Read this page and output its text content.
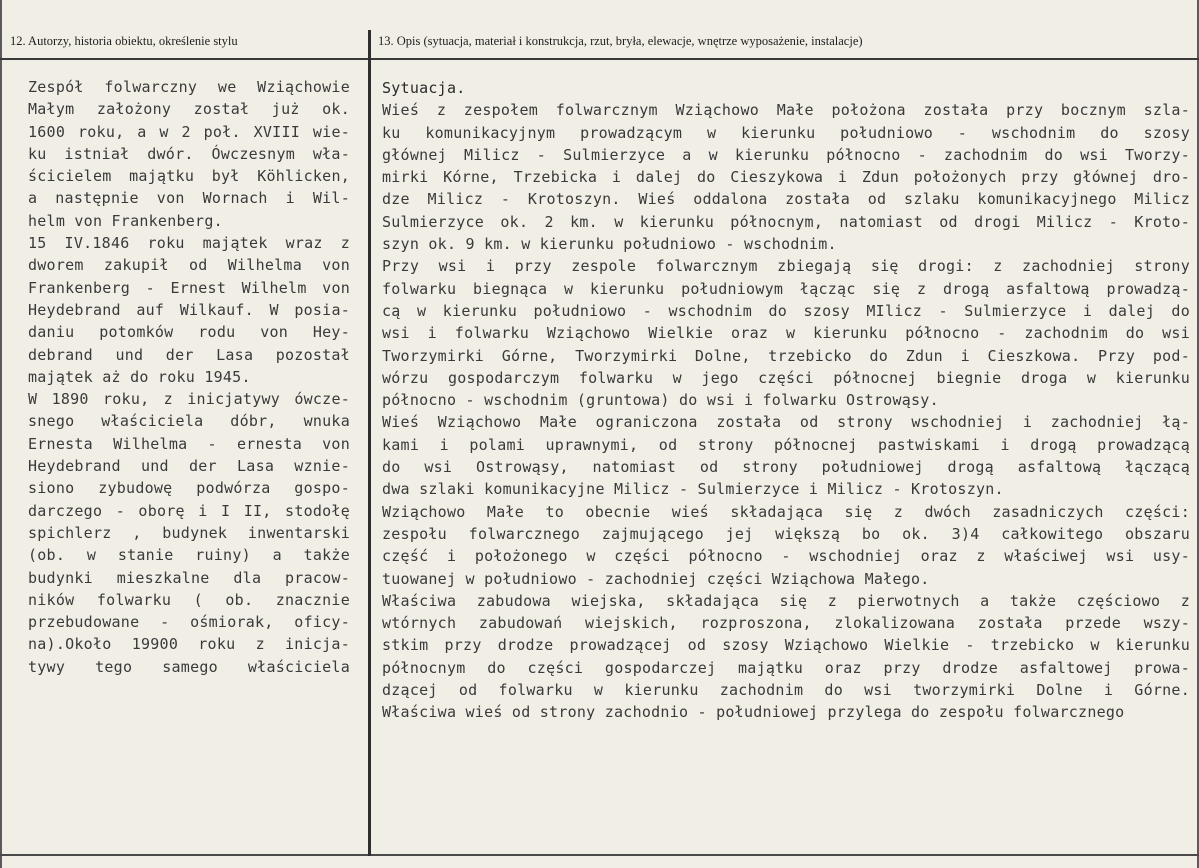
12. Autorzy, historia obiektu, określenie stylu	13. Opis (sytuacja, materiał i konstrukcja, rzut, bryła, elewacje, wnętrze wyposażenie, instalacje)
Zespół folwarczny we Wziąchowie
Małym założony został już ok.
1600 roku, a w 2 poł. XVIII wie-
ku istniał dwór. Ówczesnym wła-
ścicielem majątku był Köhlicken,
a następnie von Wornach i Wil-
helm von Frankenberg.
15 IV.1846 roku majątek wraz z
dworem zakupił od Wilhelma von
Frankenberg - Ernest Wilhelm von
Heydebrand auf Wilkauf. W posia-
daniu potomków rodu von Hey-
debrand und der Lasa pozostał
majątek aż do roku 1945.
W 1890 roku, z inicjatywy ówcze-
snego właściciela dóbr, wnuka
Ernesta Wilhelma - ernesta von
Heydebrand und der Lasa wznie-
siono zybudowę podwórza gospo-
darczego - oborę i I II, stodołę
spichlerz , budynek inwentarski
(ob. w stanie ruiny) a także
budynki mieszkalne dla pracow-
ników folwarku ( ob. znacznie
przebudowane - ośmiorak, oficy-
na).Około 19900 roku z inicja-
tywy tego samego właściciela
Sytuacja.
Wieś z zespołem folwarcznym Wziąchowo Małe położona została przy bocznym szla-
ku komunikacyjnym prowadzącym w kierunku południowo - wschodnim do szosy
głównej Milicz - Sulmierzyce a w kierunku północno - zachodnim do wsi Tworzy-
mirki Kórne, Trzebicka i dalej do Cieszykowa i Zdun położonych przy głównej dro-
dze Milicz - Krotoszyn. Wieś oddalona została od szlaku komunikacyjnego Milicz
Sulmierzyce ok. 2 km. w kierunku północnym, natomiast od drogi Milicz - Kroto-
szyn ok. 9 km. w kierunku południowo - wschodnim.
Przy wsi i przy zespole folwarcznym zbiegają się drogi: z zachodniej strony
folwarku biegnąca w kierunku południowym łącząc się z drogą asfaltową prowadzą-
cą w kierunku południowo - wschodnim do szosy MIlicz - Sulmierzyce i dalej do
wsi i folwarku Wziąchowo Wielkie oraz w kierunku północno - zachodnim do wsi
Tworzymirki Górne, Tworzymirki Dolne, trzebicko do Zdun i Cieszkowa. Przy pod-
wórzu gospodarczym folwarku w jego części północnej biegnie droga w kierunku
północno - wschodnim (gruntowa) do wsi i folwarku Ostrowąsy.
Wieś Wziąchowo Małe ograniczona została od strony wschodniej i zachodniej łą-
kami i polami uprawnymi, od strony północnej pastwiskami i drogą prowadzącą
do wsi Ostrowąsy, natomiast od strony południowej drogą asfaltową łączącą
dwa szlaki komunikacyjne Milicz - Sulmierzyce i Milicz - Krotoszyn.
Wziąchowo Małe to obecnie wieś składająca się z dwóch zasadniczych części:
zespołu folwarcznego zajmującego jej większą bo ok. 3)4 całkowitego obszaru
część i położonego w części północno - wschodniej oraz z właściwej wsi usy-
tuowanej w południowo - zachodniej części Wziąchowa Małego.
Właściwa zabudowa wiejska, składająca się z pierwotnych a także częściowo z
wtórnych zabudowań wiejskich, rozproszona, zlokalizowana została przede wszy-
stkim przy drodze prowadzącej od szosy Wziąchowo Wielkie - trzebicko w kierunku
północnym do części gospodarczej majątku oraz przy drodze asfaltowej prowa-
dzącej od folwarku w kierunku zachodnim do wsi tworzymirki Dolne i Górne.
Właściwa wieś od strony zachodnio - południowej przylega do zespołu folwarcznego
